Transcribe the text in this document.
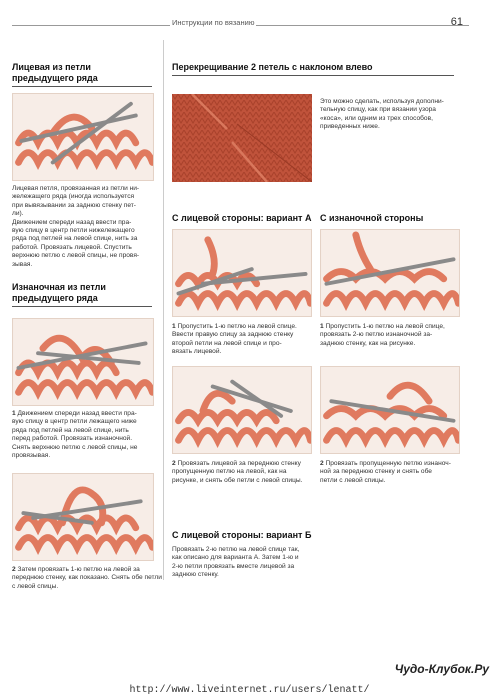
Инструкции по вязанию	61
Лицевая из петли
предыдущего ряда
Лицевая петля, провязанная из петли ни-
жележащего ряда (иногда используется
при вывязывании за заднюю стенку пет-
ли).
Движением спереди назад ввести пра-
вую спицу в центр петли нижележащего
ряда под петлей на левой спице, нить за
работой. Провязать лицевой. Спустить
верхнюю петлю с левой спицы, не провя-
зывая.
Изнаночная из петли
предыдущего ряда
1 Движением спереди назад ввести пра-
вую спицу в центр петли лежащего ниже
ряда под петлей на левой спице, нить
перед работой. Провязать изнаночной.
Снять верхнюю петлю с левой спицы, не
провязывая.
2 Затем провязать 1-ю петлю на левой за
переднюю стенку, как показано. Снять обе петли
с левой спицы.
Перекрещивание 2 петель с наклоном влево
Это можно сделать, используя дополни-
тельную спицу, как при вязании узора
«коса», или одним из трех способов,
приведенных ниже.
С лицевой стороны: вариант А С изнаночной стороны
1 Пропустить 1-ю петлю на левой спице.
Ввести правую спицу за заднюю стенку
второй петли на левой спице и про-
вязать лицевой.
1 Пропустить 1-ю петлю на левой спице,
провязать 2-ю петлю изнаночной за-
заднюю стенку, как на рисунке.
2 Провязать лицевой за переднюю стенку
пропущенную петлю на левой, как на
рисунке, и снять обе петли с левой спицы.
2 Провязать пропущенную петлю изнаноч-
ной за переднюю стенку и снять обе
петли с левой спицы.
С лицевой стороны: вариант Б
Провязать 2-ю петлю на левой спице так,
как описано для варианта А. Затем 1-ю и
2-ю петли провязать вместе лицевой за
заднюю стенку.
Чудо-Клубок.Ру
http://www.liveinternet.ru/users/lenatt/
